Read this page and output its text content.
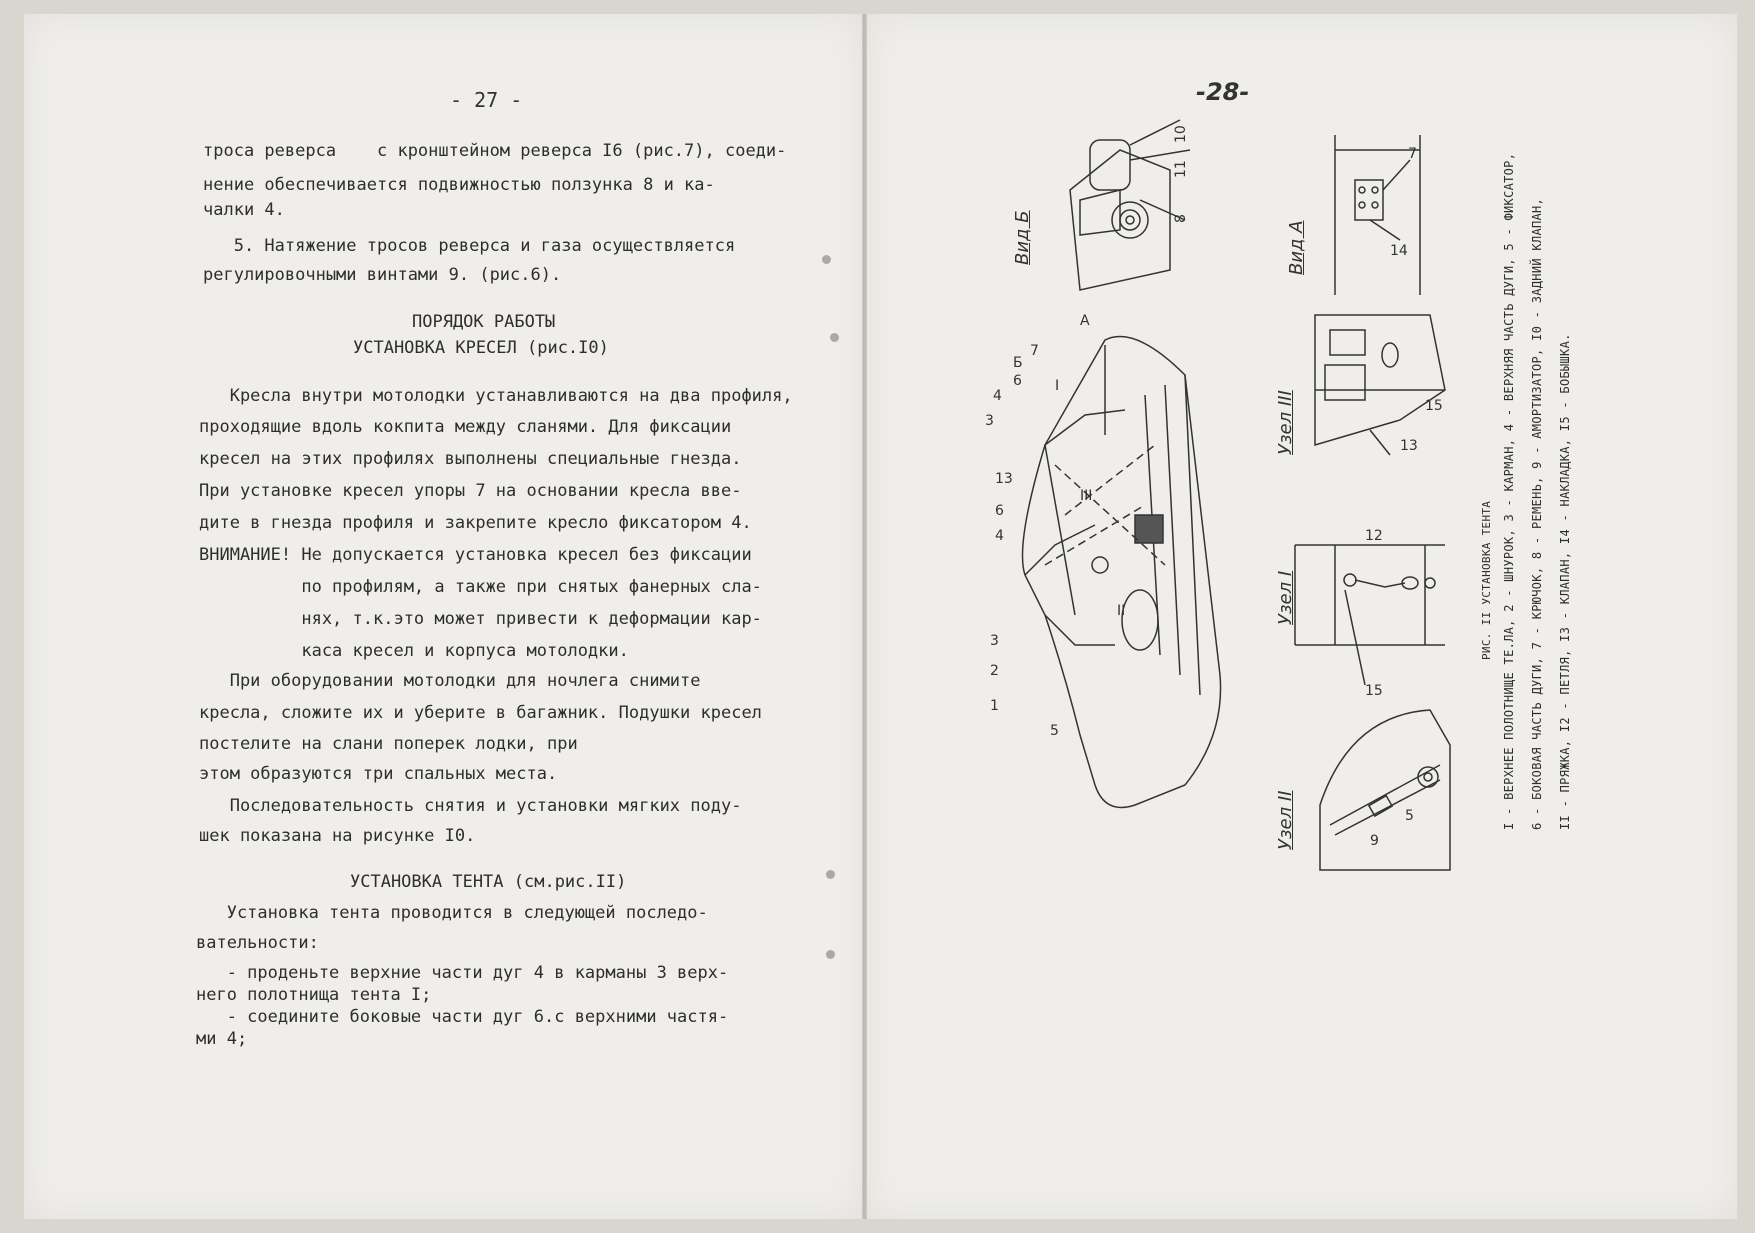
- 27 -
троса реверса    с кронштейном реверса I6 (рис.7), соеди-
нение обеспечивается подвижностью ползунка 8 и ка-
чалки 4.
5. Натяжение тросов реверса и газа осуществляется
регулировочными винтами 9. (рис.6).
ПОРЯДОК РАБОТЫ
УСТАНОВКА КРЕСЕЛ (рис.I0)
Кресла внутри мотолодки устанавливаются на два профиля,
проходящие вдоль кокпита между сланями. Для фиксации
кресел на этих профилях выполнены специальные гнезда.
При установке кресел упоры 7 на основании кресла вве-
дите в гнезда профиля и закрепите кресло фиксатором 4.
ВНИМАНИЕ! Не допускается установка кресел без фиксации
по профилям, а также при снятых фанерных сла-
нях, т.к.это может привести к деформации кар-
каса кресел и корпуса мотолодки.
При оборудовании мотолодки для ночлега снимите
кресла, сложите их и уберите в багажник. Подушки кресел
постелите на слани поперек лодки, при
этом образуются три спальных места.
Последовательность снятия и установки мягких поду-
шек показана на рисунке I0.
УСТАНОВКА ТЕНТА (см.рис.II)
Установка тента проводится в следующей последо-
вательности:
- проденьте верхние части дуг 4 в карманы 3 верх-
него полотнища тента I;
- соедините боковые части дуг 6.с верхними частя-
ми 4;
-28-
Вид Б
10
11
8
А
Б
6
7
4
3
I
13
6
4
III
II
3
2
1
5
7
14
Вид А
13
15
Узел III
12
15
Узел I
5
9
Узел II
РИС. II УСТАНОВКА ТЕНТА I - ВЕРХНЕЕ ПОЛОТНИЩЕ ТЕ.ЛА, 2 - ШНУРОК, 3 - КАРМАН, 4 - ВЕРХНЯЯ ЧАСТЬ ДУГИ, 5 - ФИКСАТОР, 6 - БОКОВАЯ ЧАСТЬ ДУГИ, 7 - КРЮЧОК, 8 - РЕМЕНЬ, 9 - АМОРТИЗАТОР, I0 - ЗАДНИЙ КЛАПАН, II - ПРЯЖКА, I2 - ПЕТЛЯ, I3 - КЛАПАН, I4 - НАКЛАДКА, I5 - БОБЫШКА.
